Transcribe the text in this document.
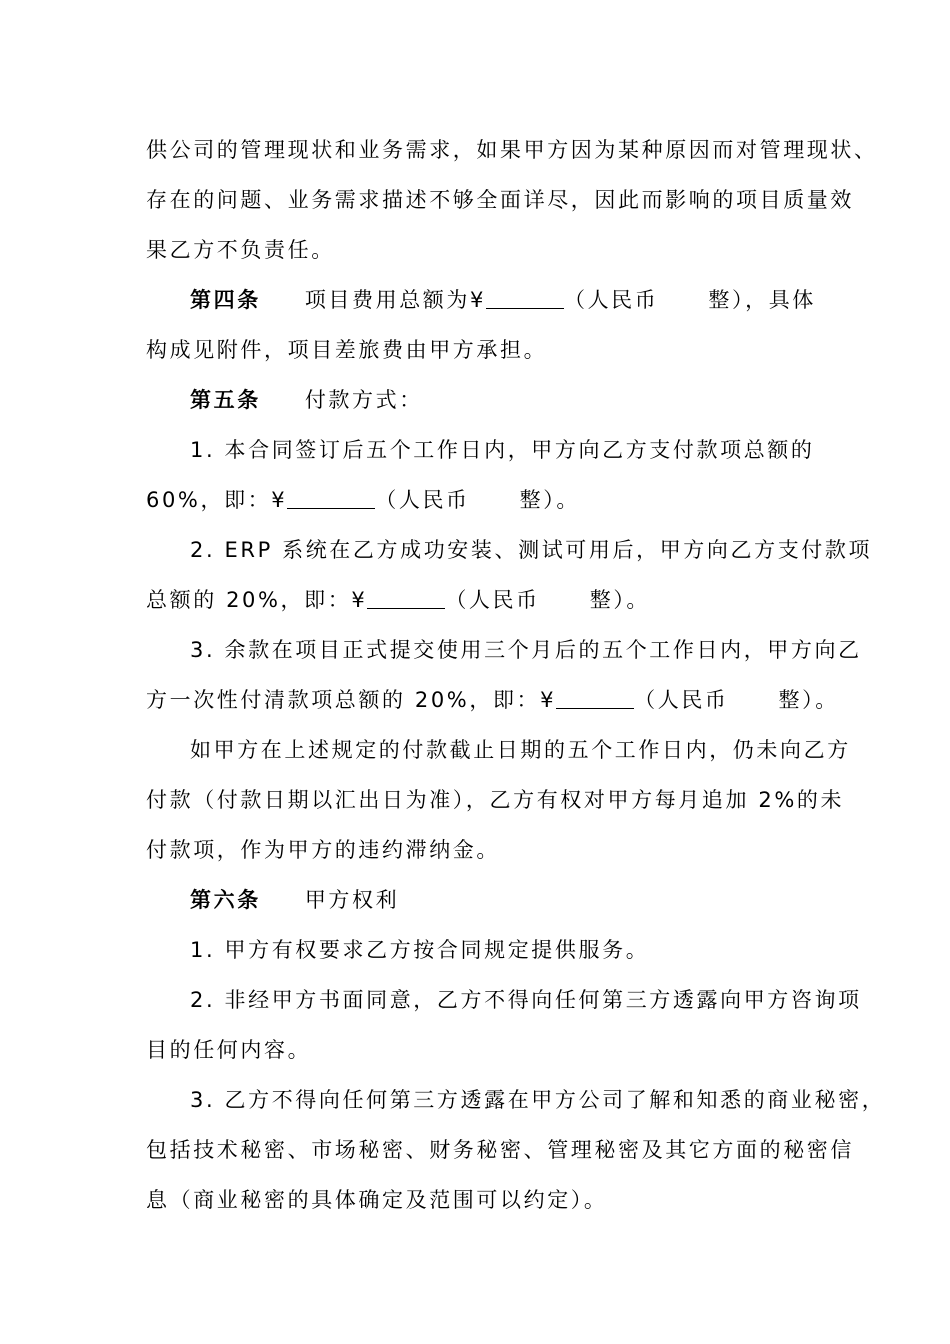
供公司的管理现状和业务需求，如果甲方因为某种原因而对管理现状、
存在的问题、业务需求描述不够全面详尽，因此而影响的项目质量效
果乙方不负责任。
第四条 项目费用总额为¥	（人民币 整），具体
构成见附件，项目差旅费由甲方承担。
第五条 付款方式：
1. 本合同签订后五个工作日内，甲方向乙方支付款项总额的
60%，即：¥	（人民币 整）。
2. ERP 系统在乙方成功安装、测试可用后，甲方向乙方支付款项
总额的 20%，即：¥	（人民币 整）。
3. 余款在项目正式提交使用三个月后的五个工作日内，甲方向乙
方一次性付清款项总额的 20%，即：¥	（人民币 整）。
如甲方在上述规定的付款截止日期的五个工作日内，仍未向乙方
付款（付款日期以汇出日为准），乙方有权对甲方每月追加 2%的未
付款项，作为甲方的违约滞纳金。
第六条 甲方权利
1. 甲方有权要求乙方按合同规定提供服务。
2. 非经甲方书面同意，乙方不得向任何第三方透露向甲方咨询项
目的任何内容。
3. 乙方不得向任何第三方透露在甲方公司了解和知悉的商业秘密，
包括技术秘密、市场秘密、财务秘密、管理秘密及其它方面的秘密信
息（商业秘密的具体确定及范围可以约定）。
